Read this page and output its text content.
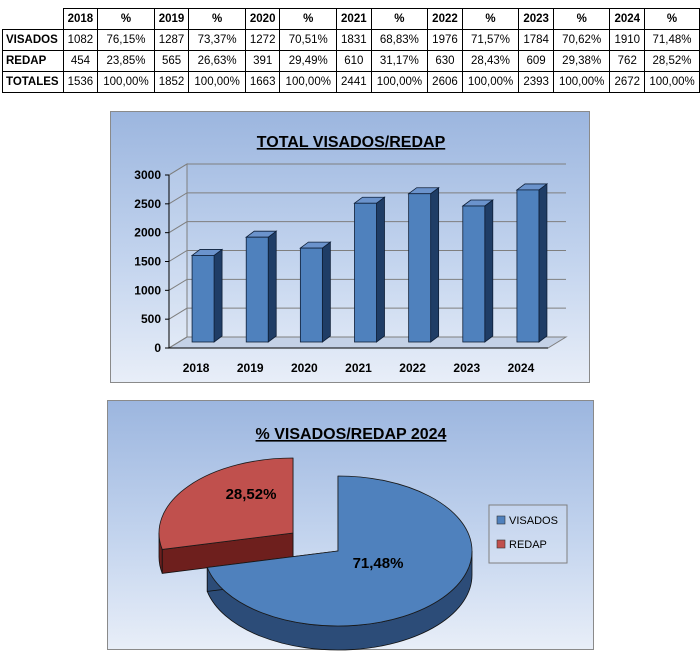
	2018	%	2019	%	2020	%	2021	%	2022	%	2023	%	2024	%
VISADOS	1082	76,15%	1287	73,37%	1272	70,51%	1831	68,83%	1976	71,57%	1784	70,62%	1910	71,48%
REDAP	454	23,85%	565	26,63%	391	29,49%	610	31,17%	630	28,43%	609	29,38%	762	28,52%
TOTALES	1536	100,00%	1852	100,00%	1663	100,00%	2441	100,00%	2606	100,00%	2393	100,00%	2672	100,00%
TOTAL VISADOS/REDAP
0
500
1000
1500
2000
2500
3000
2018 2019 2020 2021 2022 2023 2024
% VISADOS/REDAP 2024
71,48%
28,52%
VISADOS
REDAP
